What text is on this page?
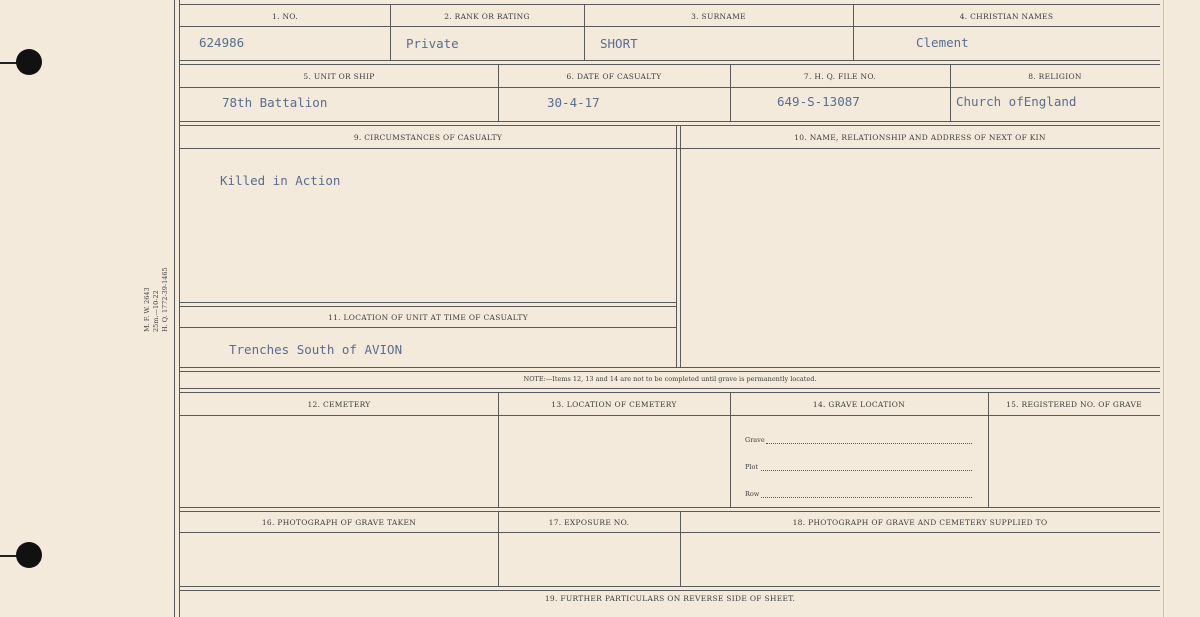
M. F. W. 2643 25m.—10-22 H. Q. 1772-39-1465
1. NO.	2. RANK OR RATING	3. SURNAME	4. CHRISTIAN NAMES
624986	Private	SHORT	Clement
5. UNIT OR SHIP	6. DATE OF CASUALTY	7. H. Q. FILE NO.	8. RELIGION
78th Battalion	30-4-17	649-S-13087	Church ofEngland
9. CIRCUMSTANCES OF CASUALTY	10. NAME, RELATIONSHIP AND ADDRESS OF NEXT OF KIN
Killed in Action
11. LOCATION OF UNIT AT TIME OF CASUALTY
Trenches South of AVION
NOTE:—Items 12, 13 and 14 are not to be completed until grave is permanently located.
12. CEMETERY	13. LOCATION OF CEMETERY	14. GRAVE LOCATION	15. REGISTERED NO. OF GRAVE
Grave
Plot
Row
16. PHOTOGRAPH OF GRAVE TAKEN	17. EXPOSURE NO.	18. PHOTOGRAPH OF GRAVE AND CEMETERY SUPPLIED TO
19. FURTHER PARTICULARS ON REVERSE SIDE OF SHEET.
